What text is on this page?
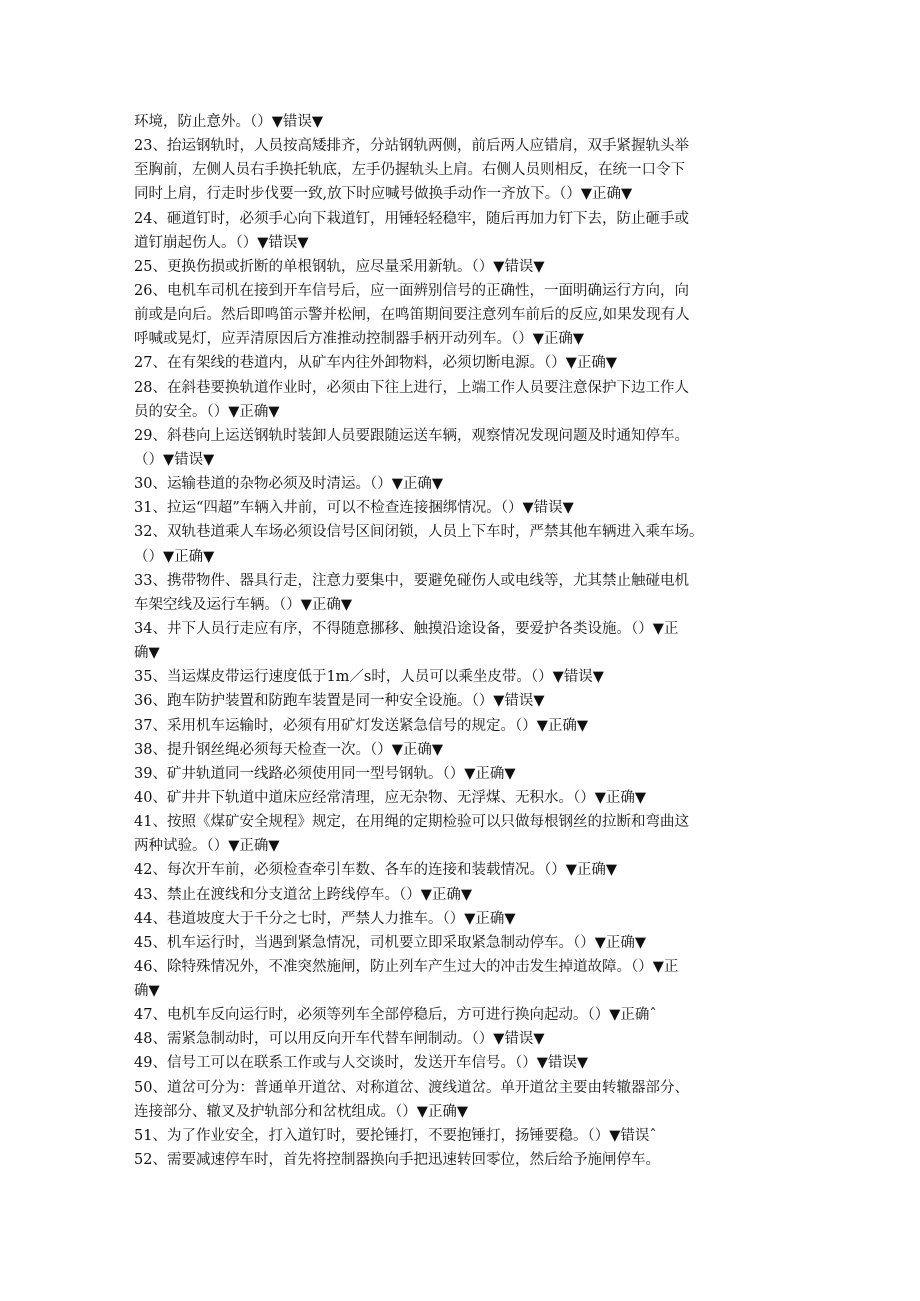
环境，防止意外。（）▼错误▼
23、抬运钢轨时，人员按高矮排齐，分站钢轨两侧，前后两人应错肩，双手紧握轨头举
至胸前，左侧人员右手换托轨底，左手仍握轨头上肩。右侧人员则相反，在统一口令下
同时上肩，行走时步伐要一致,放下时应喊号做换手动作一齐放下。（）▼正确▼
24、砸道钉时，必须手心向下栽道钉，用锤轻轻稳牢，随后再加力钉下去，防止砸手或
道钉崩起伤人。（）▼错误▼
25、更换伤损或折断的单根钢轨，应尽量采用新轨。（）▼错误▼
26、电机车司机在接到开车信号后，应一面辨别信号的正确性，一面明确运行方向，向
前或是向后。然后即鸣笛示警并松闸，在鸣笛期间要注意列车前后的反应,如果发现有人
呼喊或晃灯，应弄清原因后方准推动控制器手柄开动列车。（）▼正确▼
27、在有架线的巷道内，从矿车内往外卸物料，必须切断电源。（）▼正确▼
28、在斜巷要换轨道作业时，必须由下往上进行，上端工作人员要注意保护下边工作人
员的安全。（）▼正确▼
29、斜巷向上运送钢轨时装卸人员要跟随运送车辆，观察情况发现问题及时通知停车。
（）▼错误▼
30、运输巷道的杂物必须及时清运。（）▼正确▼
31、拉运“四超”车辆入井前，可以不检查连接捆绑情况。（）▼错误▼
32、双轨巷道乘人车场必须设信号区间闭锁，人员上下车时，严禁其他车辆进入乘车场。
（）▼正确▼
33、携带物件、器具行走，注意力要集中，要避免碰伤人或电线等，尤其禁止触碰电机
车架空线及运行车辆。（）▼正确▼
34、井下人员行走应有序，不得随意挪移、触摸沿途设备，要爱护各类设施。（）▼正
确▼
35、当运煤皮带运行速度低于1m／s时，人员可以乘坐皮带。（）▼错误▼
36、跑车防护装置和防跑车装置是同一种安全设施。（）▼错误▼
37、采用机车运输时，必须有用矿灯发送紧急信号的规定。（）▼正确▼
38、提升钢丝绳必须每天检查一次。（）▼正确▼
39、矿井轨道同一线路必须使用同一型号钢轨。（）▼正确▼
40、矿井井下轨道中道床应经常清理，应无杂物、无浮煤、无积水。（）▼正确▼
41、按照《煤矿安全规程》规定，在用绳的定期检验可以只做每根钢丝的拉断和弯曲这
两种试验。（）▼正确▼
42、每次开车前，必须检查牵引车数、各车的连接和装载情况。（）▼正确▼
43、禁止在渡线和分支道岔上跨线停车。（）▼正确▼
44、巷道坡度大于千分之七时，严禁人力推车。（）▼正确▼
45、机车运行时，当遇到紧急情况，司机要立即采取紧急制动停车。（）▼正确▼
46、除特殊情况外，不准突然施闸，防止列车产生过大的冲击发生掉道故障。（）▼正
确▼
47、电机车反向运行时，必须等列车全部停稳后，方可进行换向起动。（）▼正确ˆ
48、需紧急制动时，可以用反向开车代替车闸制动。（）▼错误▼
49、信号工可以在联系工作或与人交谈时，发送开车信号。（）▼错误▼
50、道岔可分为：普通单开道岔、对称道岔、渡线道岔。单开道岔主要由转辙器部分、
连接部分、辙叉及护轨部分和岔枕组成。（）▼正确▼
51、为了作业安全，打入道钉时，要抡锤打，不要抱锤打，扬锤要稳。（）▼错误ˆ
52、需要减速停车时，首先将控制器换向手把迅速转回零位，然后给予施闸停车。
